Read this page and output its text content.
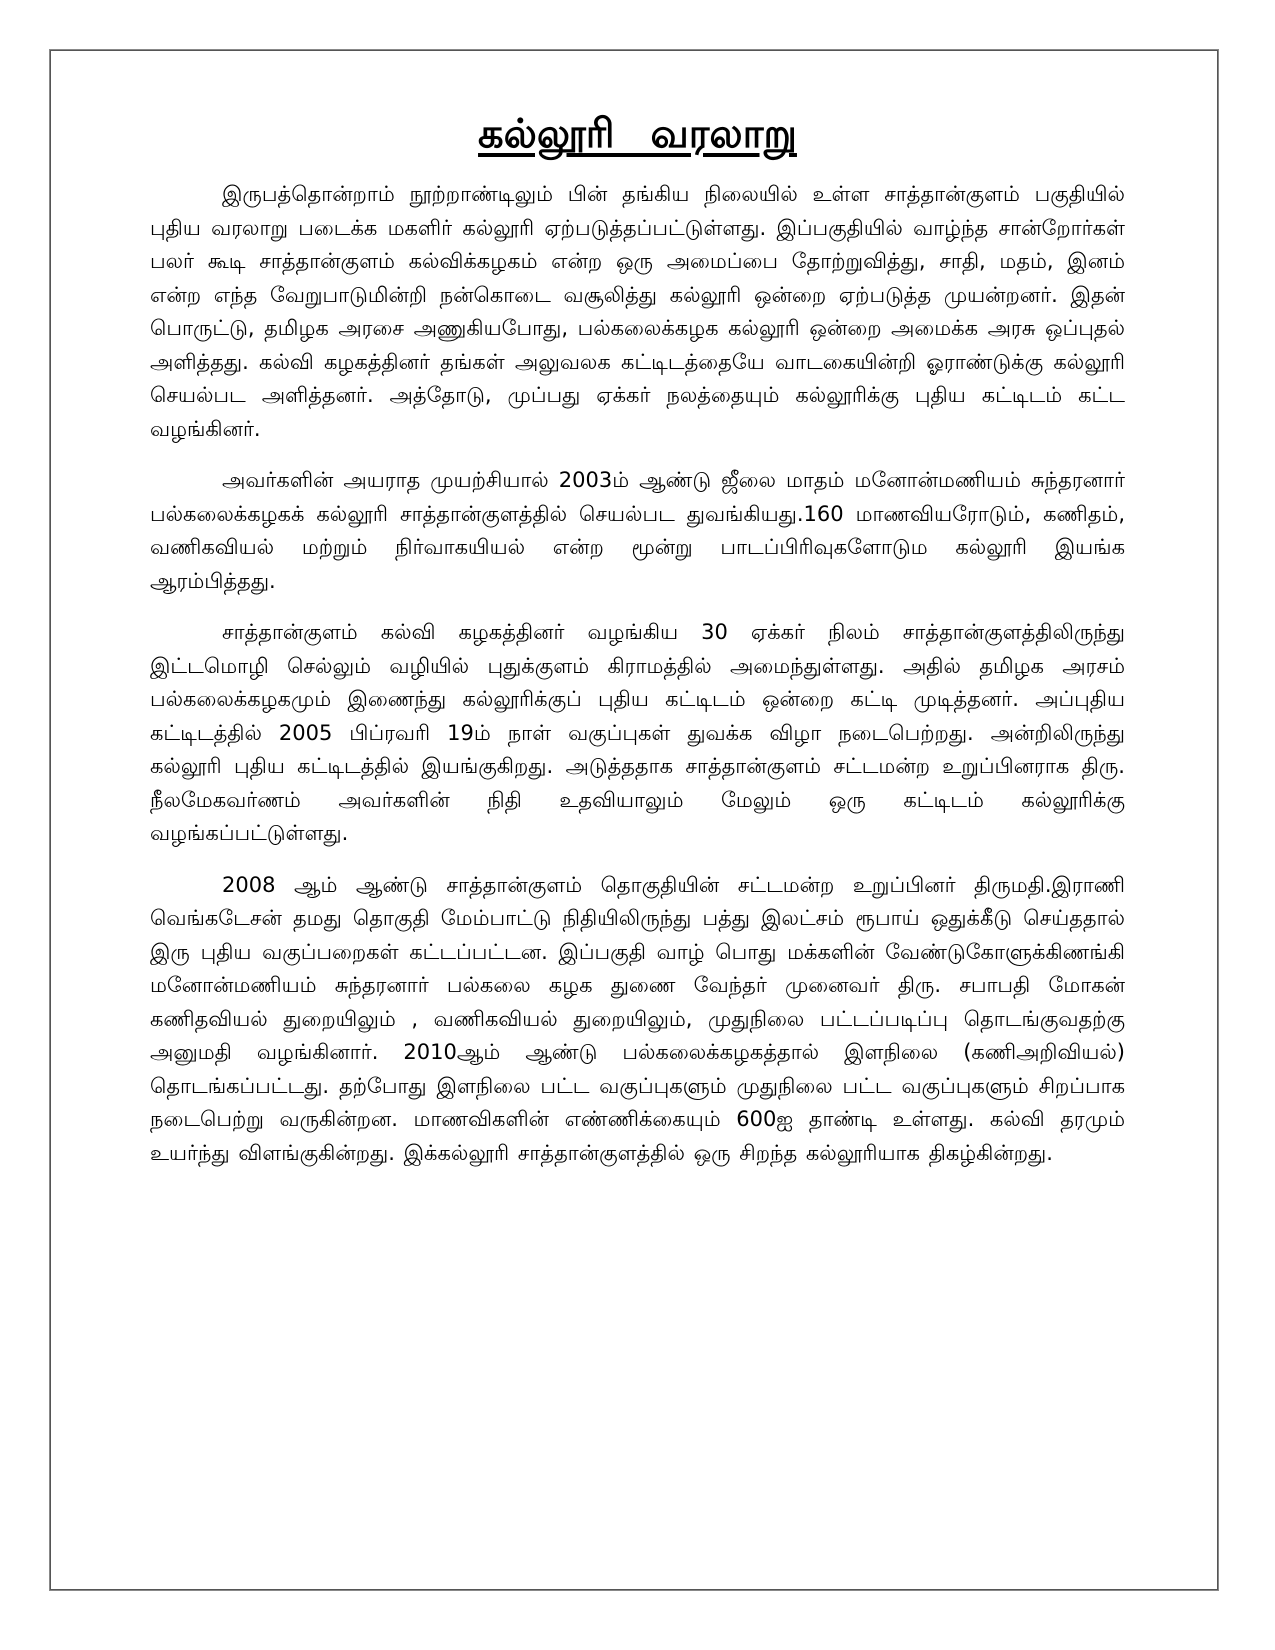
கல்லூரி வரலாறு

இருபத்தொன்றாம் நூற்றாண்டிலும் பின் தங்கிய நிலையில் உள்ள சாத்தான்குளம் பகுதியில் புதிய வரலாறு படைக்க மகளிர் கல்லூரி ஏற்படுத்தப்பட்டுள்ளது. இப்பகுதியில் வாழ்ந்த சான்றோர்கள் பலர் கூடி சாத்தான்குளம் கல்விக்கழகம் என்ற ஒரு அமைப்பை தோற்றுவித்து, சாதி, மதம், இனம் என்ற எந்த வேறுபாடுமின்றி நன்கொடை வசூலித்து கல்லூரி ஒன்றை ஏற்படுத்த முயன்றனர். இதன் பொருட்டு, தமிழக அரசை அணுகியபோது, பல்கலைக்கழக கல்லூரி ஒன்றை அமைக்க அரசு ஒப்புதல் அளித்தது. கல்வி கழகத்தினர் தங்கள் அலுவலக கட்டிடத்தையே வாடகையின்றி ஓராண்டுக்கு கல்லூரி செயல்பட அளித்தனர். அத்தோடு, முப்பது ஏக்கர் நலத்தையும் கல்லூரிக்கு புதிய கட்டிடம் கட்ட வழங்கினர்.

அவர்களின் அயராத முயற்சியால் 2003ம் ஆண்டு ஜீலை மாதம் மனோன்மணியம் சுந்தரனார் பல்கலைக்கழகக் கல்லூரி சாத்தான்குளத்தில் செயல்பட துவங்கியது.160 மாணவியரோடும், கணிதம், வணிகவியல் மற்றும் நிர்வாகயியல் என்ற மூன்று பாடப்பிரிவுகளோடும கல்லூரி இயங்க ஆரம்பித்தது.

சாத்தான்குளம் கல்வி கழகத்தினர் வழங்கிய 30 ஏக்கர் நிலம் சாத்தான்குளத்திலிருந்து இட்டமொழி செல்லும் வழியில் புதுக்குளம் கிராமத்தில் அமைந்துள்ளது. அதில் தமிழக அரசம் பல்கலைக்கழகமும் இணைந்து கல்லூரிக்குப் புதிய கட்டிடம் ஒன்றை கட்டி முடித்தனர். அப்புதிய கட்டிடத்தில் 2005 பிப்ரவரி 19ம் நாள் வகுப்புகள் துவக்க விழா நடைபெற்றது. அன்றிலிருந்து கல்லூரி புதிய கட்டிடத்தில் இயங்குகிறது. அடுத்ததாக சாத்தான்குளம் சட்டமன்ற உறுப்பினராக திரு. நீலமேகவர்ணம் அவர்களின் நிதி உதவியாலும் மேலும் ஒரு கட்டிடம் கல்லூரிக்கு வழங்கப்பட்டுள்ளது.

2008 ஆம் ஆண்டு சாத்தான்குளம் தொகுதியின் சட்டமன்ற உறுப்பினர் திருமதி.இராணி வெங்கடேசன் தமது தொகுதி மேம்பாட்டு நிதியிலிருந்து பத்து இலட்சம் ரூபாய் ஒதுக்கீடு செய்ததால் இரு புதிய வகுப்பறைகள் கட்டப்பட்டன. இப்பகுதி வாழ் பொது மக்களின் வேண்டுகோளுக்கிணங்கி மனோன்மணியம் சுந்தரனார் பல்கலை கழக துணை வேந்தர் முனைவர் திரு. சபாபதி மோகன் கணிதவியல் துறையிலும் , வணிகவியல் துறையிலும், முதுநிலை பட்டப்படிப்பு தொடங்குவதற்கு அனுமதி வழங்கினார். 2010ஆம் ஆண்டு பல்கலைக்கழகத்தால் இளநிலை (கணிஅறிவியல்) தொடங்கப்பட்டது. தற்போது இளநிலை பட்ட வகுப்புகளும் முதுநிலை பட்ட வகுப்புகளும் சிறப்பாக நடைபெற்று வருகின்றன. மாணவிகளின் எண்ணிக்கையும் 600ஐ தாண்டி உள்ளது. கல்வி தரமும் உயர்ந்து விளங்குகின்றது. இக்கல்லூரி சாத்தான்குளத்தில் ஒரு சிறந்த கல்லூரியாக திகழ்கின்றது.
